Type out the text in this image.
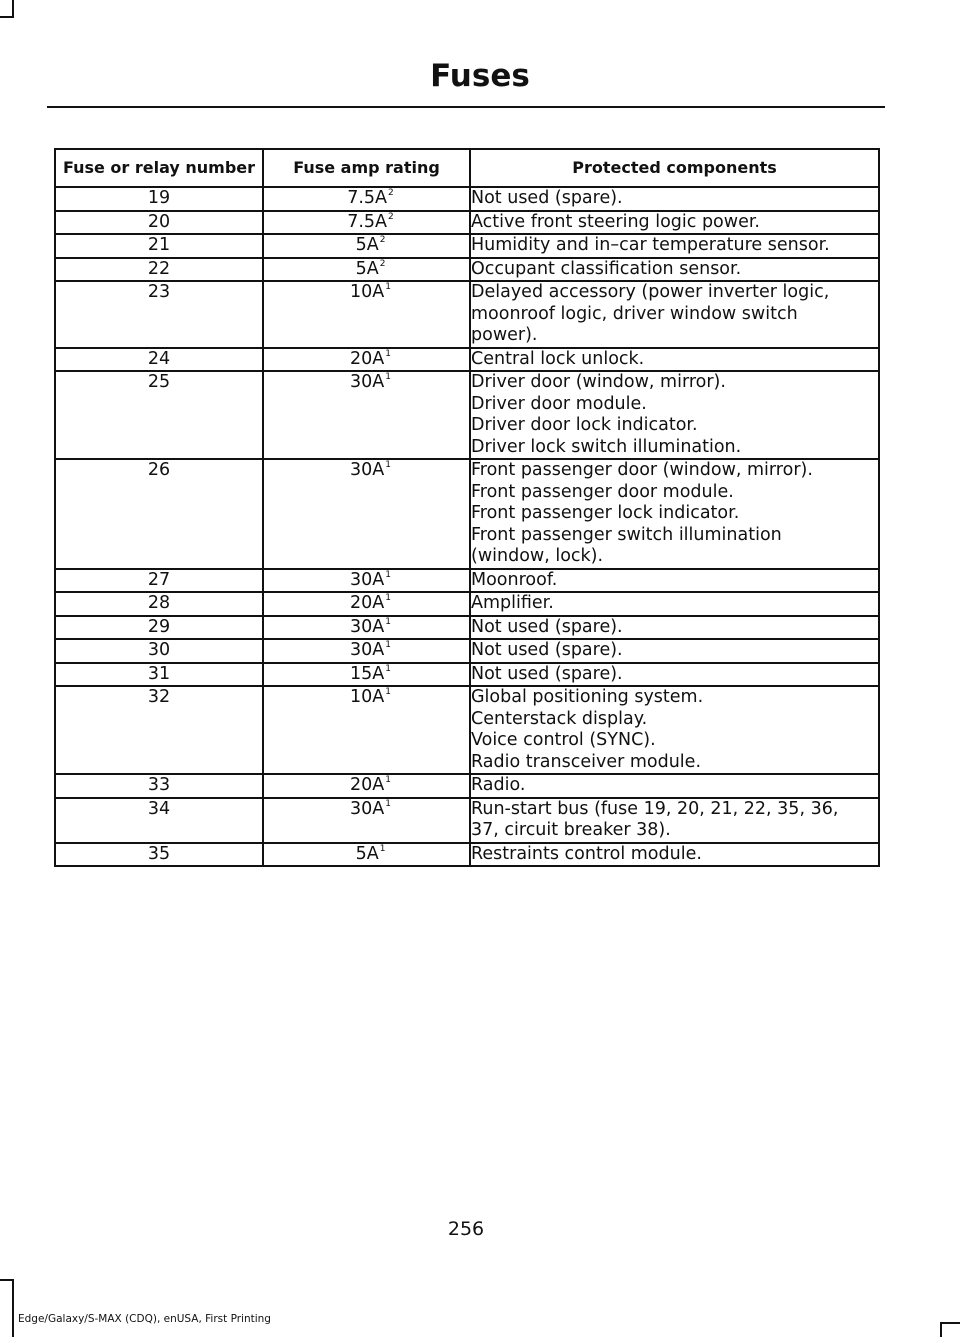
Fuses
Fuse or relay number	Fuse amp rating	Protected components
19	$7.5A^2$	Not used (spare).

20	$7.5A^2$	Active front steering logic power.

21	$5A^2$	Humidity and in–car temperature sensor.

22	$5A^2$	Occupant classification sensor.

23	$10A^1$	Delayed accessory (power inverter logic,
moonroof logic, driver window switch
power).

24	$20A^1$	Central lock unlock.

25	$30A^1$	Driver door (window, mirror).
Driver door module.
Driver door lock indicator.
Driver lock switch illumination.

26	$30A^1$	Front passenger door (window, mirror).
Front passenger door module.
Front passenger lock indicator.
Front passenger switch illumination
(window, lock).

27	$30A^1$	Moonroof.

28	$20A^1$	Amplifier.

29	$30A^1$	Not used (spare).

30	$30A^1$	Not used (spare).

31	$15A^1$	Not used (spare).

32	$10A^1$	Global positioning system.
Centerstack display.
Voice control (SYNC).
Radio transceiver module.

33	$20A^1$	Radio.

34	$30A^1$	Run-start bus (fuse 19, 20, 21, 22, 35, 36,
37, circuit breaker 38).

35	$5A^1$	Restraints control module.
256
Edge/Galaxy/S-MAX (CDQ), enUSA, First Printing
